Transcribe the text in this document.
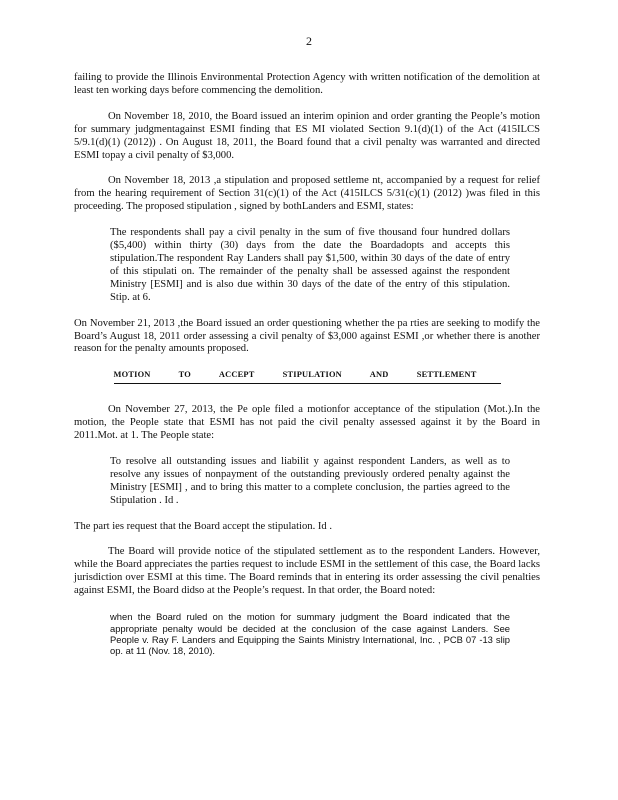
2

failing to provide the Illinois Environmental Protection Agency with written notification of the demolition at least ten working days before commencing the demolition.

On November 18, 2010, the Board issued an interim opinion and order granting the People’s motion for summary judgmentagainst ESMI finding that ES MI violated Section 9.1(d)(1) of the Act (415ILCS 5/9.1(d)(1) (2012)) . On August 18, 2011, the Board found that a civil penalty was warranted and directed ESMI topay a civil penalty of $3,000.

On November 18, 2013 ,a stipulation and proposed settleme nt, accompanied by a request for relief from the hearing requirement of Section 31(c)(1) of the Act (415ILCS 5/31(c)(1) (2012) )was filed in this proceeding. The proposed stipulation , signed by bothLanders and ESMI, states:

The respondents shall pay a civil penalty in the sum of five thousand four hundred dollars ($5,400) within thirty (30) days from the date the Boardadopts and accepts this stipulation.The respondent Ray Landers shall pay $1,500, within 30 days of the date of entry of this stipulati on. The remainder of the penalty shall be assessed against the respondent Ministry [ESMI] and is also due within 30 days of the date of the entry of this stipulation. Stip. at 6.

On November 21, 2013 ,the Board issued an order questioning whether the pa rties are seeking to modify the Board’s August 18, 2011 order assessing a civil penalty of $3,000 against ESMI ,or whether there is another reason for the penalty amounts proposed.

MOTION TO ACCEPT STIPULATION AND SETTLEMENT

On November 27, 2013, the Pe ople filed a motionfor acceptance of the stipulation (Mot.).In the motion, the People state that ESMI has not paid the civil penalty assessed against it by the Board in 2011.Mot. at 1. The People state:

To resolve all outstanding issues and liabilit y against respondent Landers, as well as to resolve any issues of nonpayment of the outstanding previously ordered penalty against the Ministry [ESMI] , and to bring this matter to a complete conclusion, the parties agreed to the Stipulation . Id .

The part ies request that the Board accept the stipulation. Id .

The Board will provide notice of the stipulated settlement as to the respondent Landers. However, while the Board appreciates the parties request to include ESMI in the settlement of this case, the Board lacks jurisdiction over ESMI at this time. The Board reminds that in entering its order assessing the civil penalties against ESMI, the Board didso at the People’s request. In that order, the Board noted:

when the Board ruled on the motion for summary judgment the Board indicated that the appropriate penalty would be decided at the conclusion of the case against Landers. See People v. Ray F. Landers and Equipping the Saints Ministry International, Inc. , PCB 07 -13 slip op. at 11 (Nov. 18, 2010).
